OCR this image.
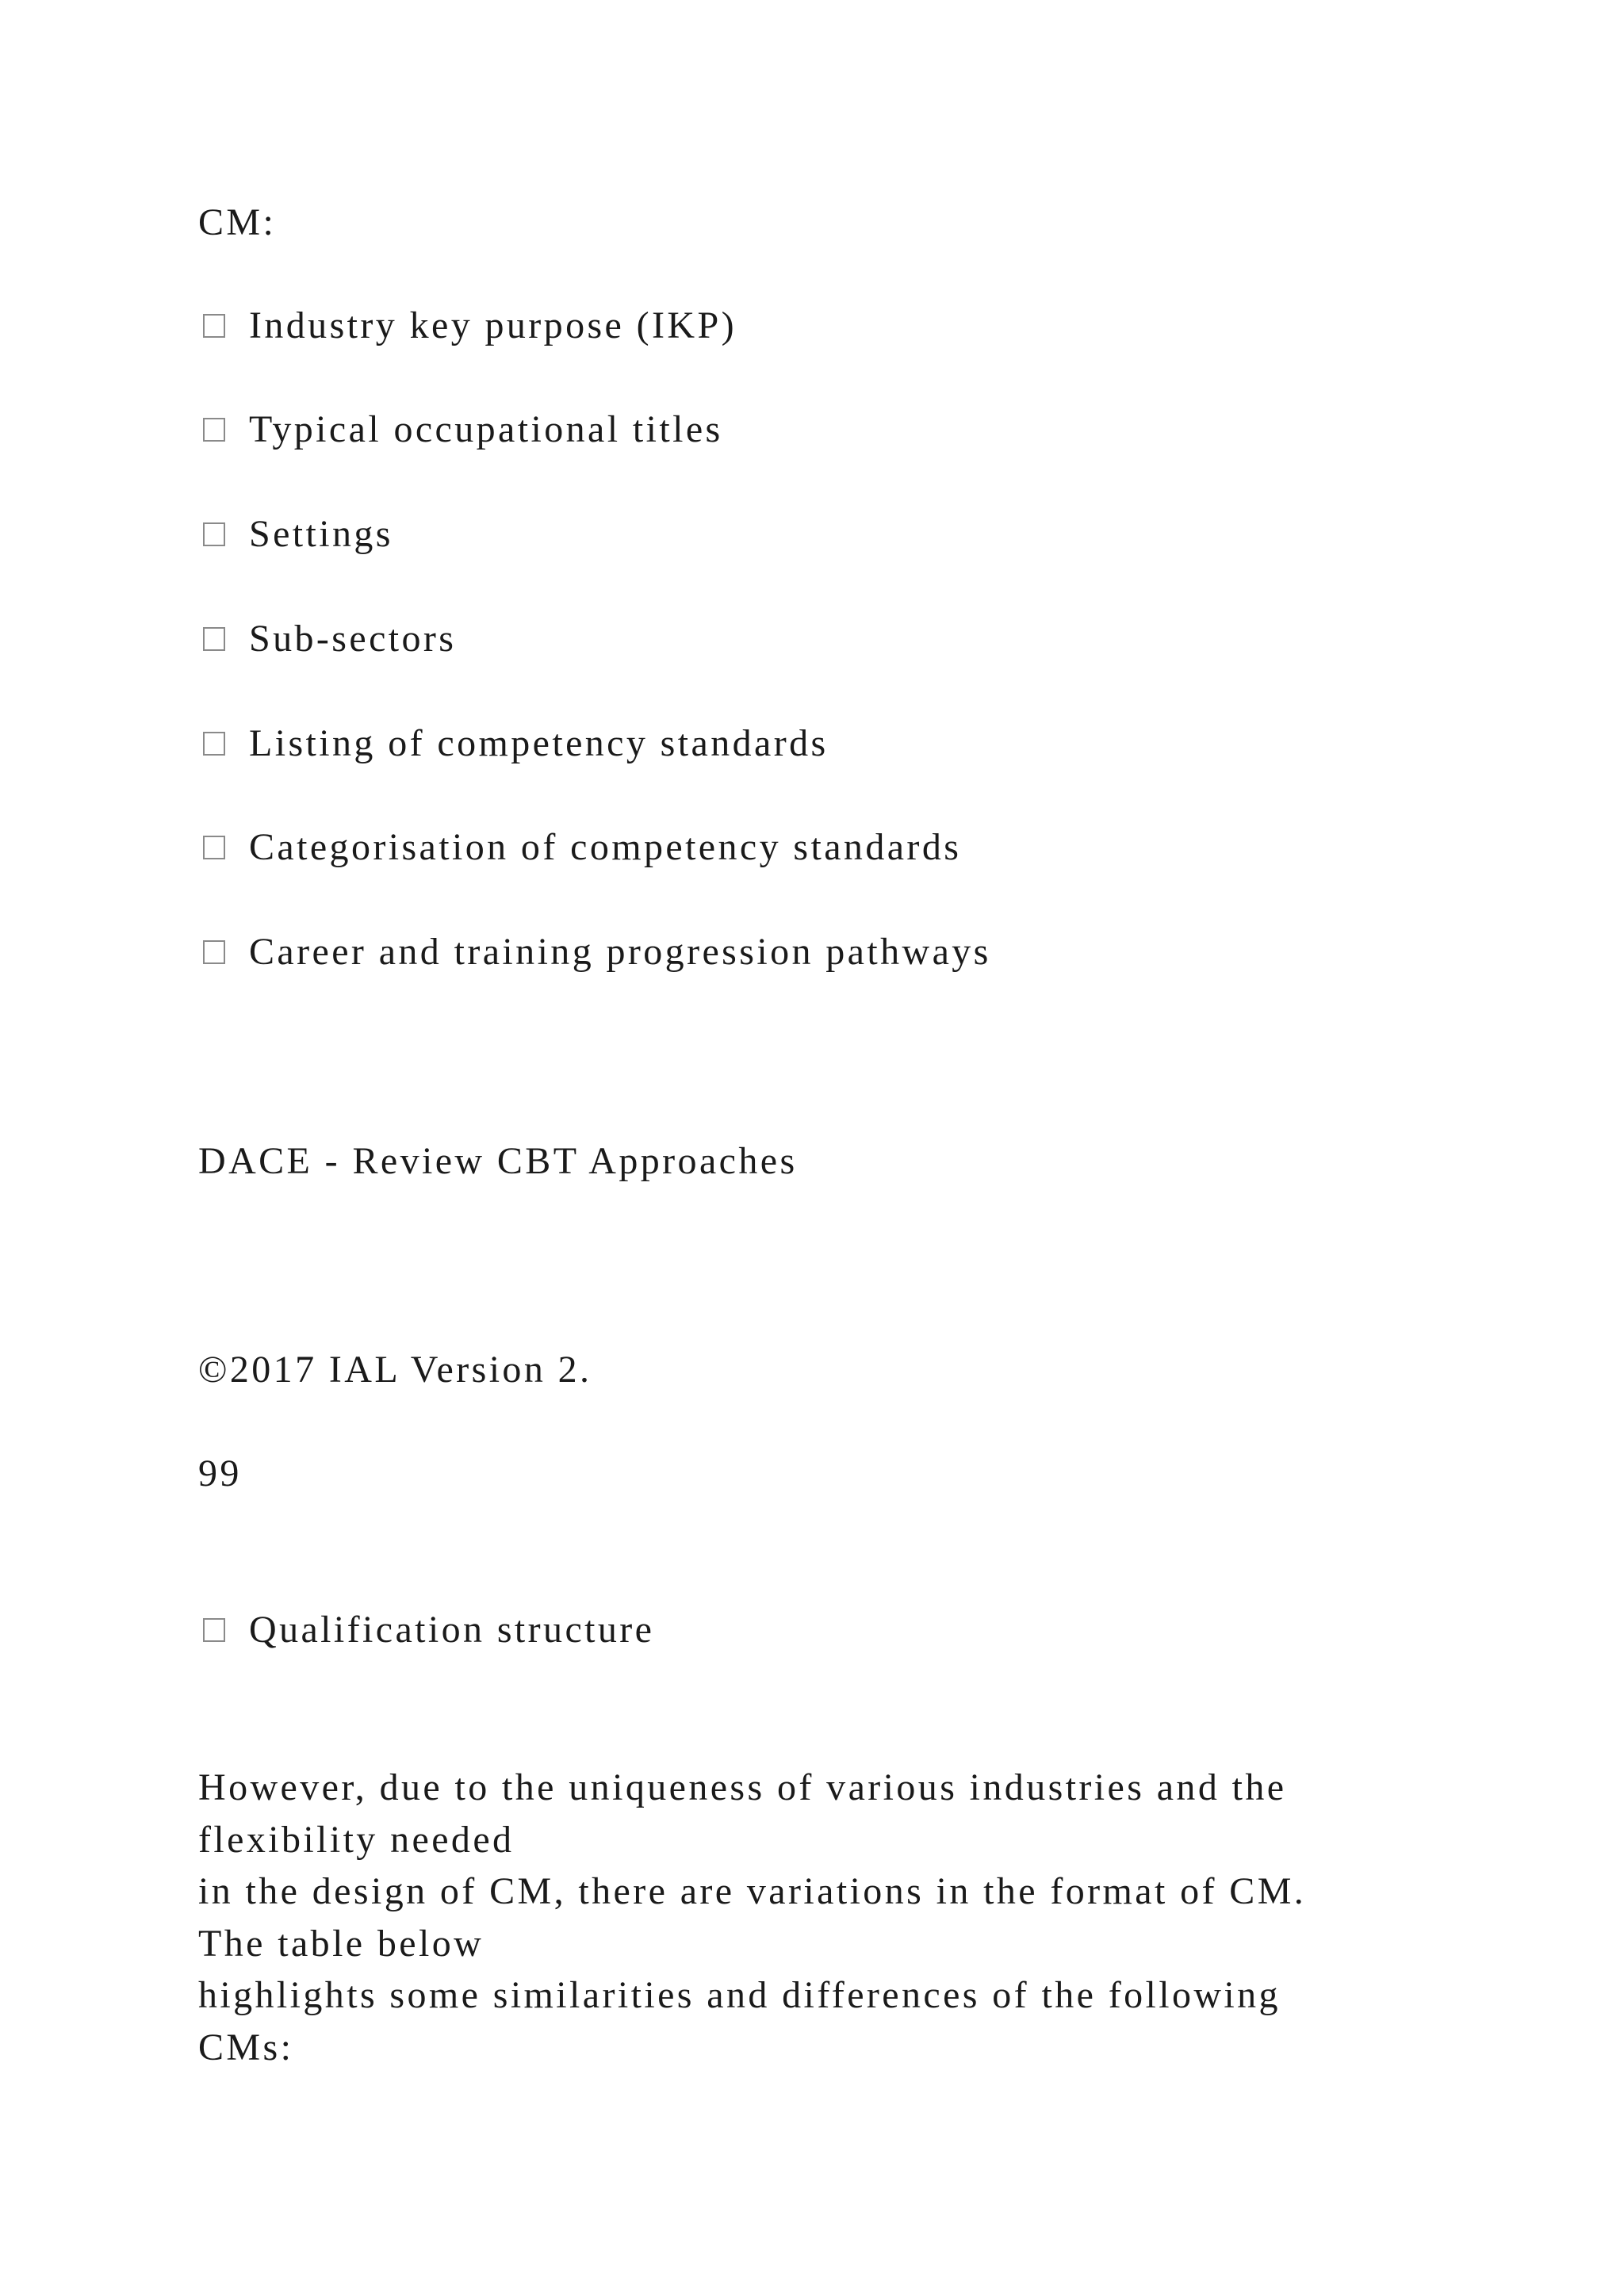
CM:
Industry key purpose (IKP)
Typical occupational titles
Settings
Sub-sectors
Listing of competency standards
Categorisation of competency standards
Career and training progression pathways
DACE - Review CBT Approaches
©2017 IAL Version 2.
99
Qualification structure
However, due to the uniqueness of various industries and the
flexibility needed
in the design of CM, there are variations in the format of CM.
The table below
highlights some similarities and differences of the following
CMs:
